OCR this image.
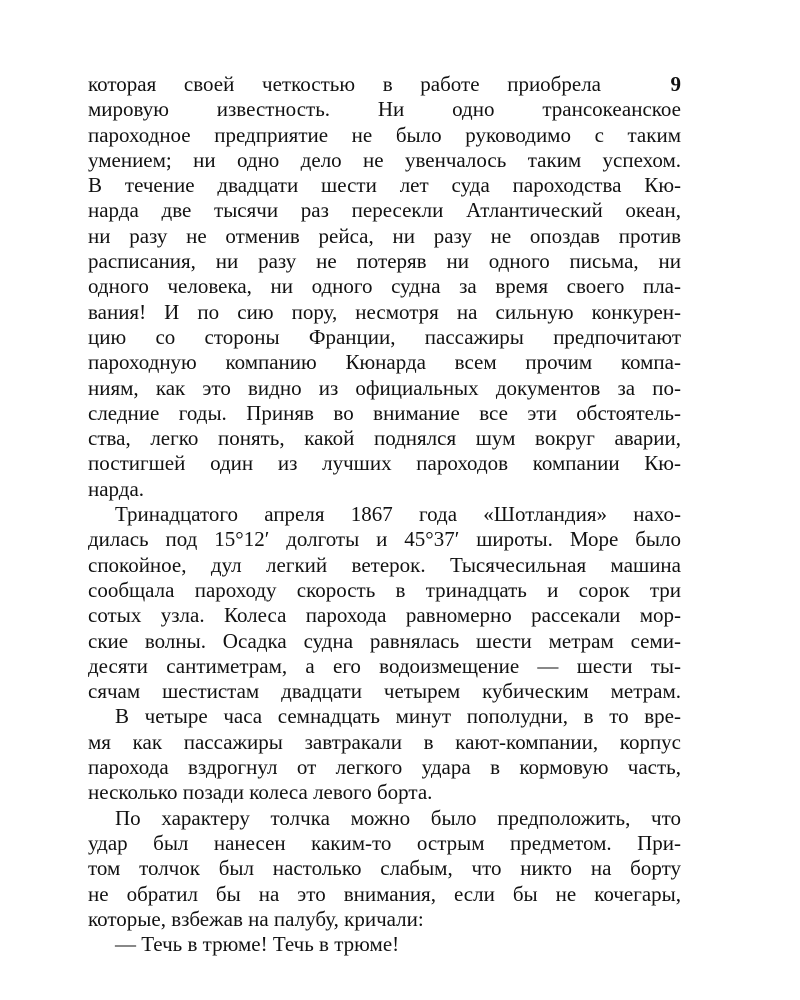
9
которая своей четкостью в работе приобрела
мировую известность. Ни одно трансокеанское
пароходное предприятие не было руководимо с таким
умением; ни одно дело не увенчалось таким успехом.
В течение двадцати шести лет суда пароходства Кю-
нарда две тысячи раз пересекли Атлантический океан,
ни разу не отменив рейса, ни разу не опоздав против
расписания, ни разу не потеряв ни одного письма, ни
одного человека, ни одного судна за время своего пла-
вания! И по сию пору, несмотря на сильную конкурен-
цию со стороны Франции, пассажиры предпочитают
пароходную компанию Кюнарда всем прочим компа-
ниям, как это видно из официальных документов за по-
следние годы. Приняв во внимание все эти обстоятель-
ства, легко понять, какой поднялся шум вокруг аварии,
постигшей один из лучших пароходов компании Кю-
нарда.
Тринадцатого апреля 1867 года «Шотландия» нахо-
дилась под 15°12′ долготы и 45°37′ широты. Море было
спокойное, дул легкий ветерок. Тысячесильная машина
сообщала пароходу скорость в тринадцать и сорок три
сотых узла. Колеса парохода равномерно рассекали мор-
ские волны. Осадка судна равнялась шести метрам семи-
десяти сантиметрам, а его водоизмещение — шести ты-
сячам шестистам двадцати четырем кубическим метрам.
В четыре часа семнадцать минут пополудни, в то вре-
мя как пассажиры завтракали в кают-компании, корпус
парохода вздрогнул от легкого удара в кормовую часть,
несколько позади колеса левого борта.
По характеру толчка можно было предположить, что
удар был нанесен каким-то острым предметом. При-
том толчок был настолько слабым, что никто на борту
не обратил бы на это внимания, если бы не кочегары,
которые, взбежав на палубу, кричали:
— Течь в трюме! Течь в трюме!
